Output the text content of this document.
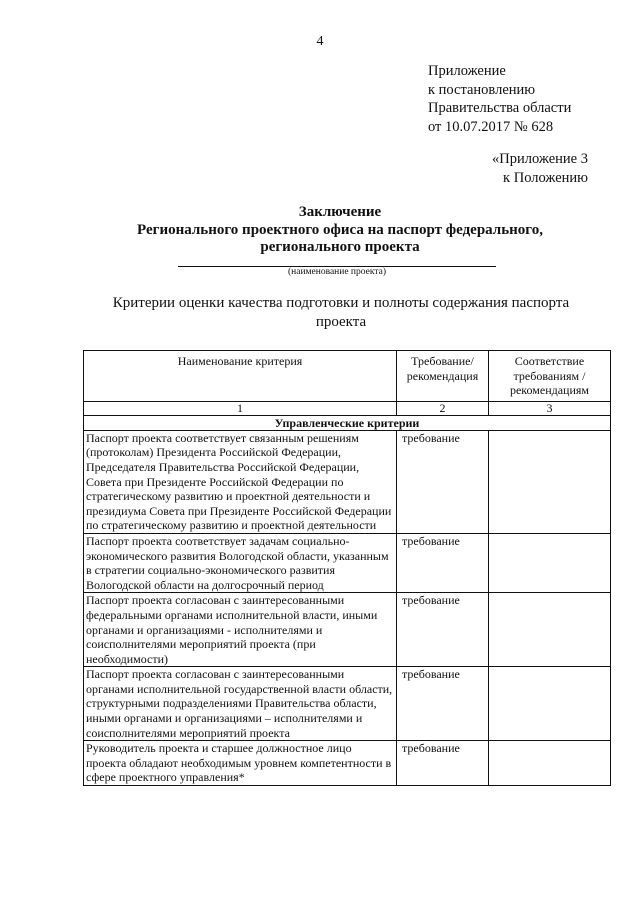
4
Приложение
к постановлению
Правительства области
от 10.07.2017 № 628
«Приложение 3
к Положению
Заключение
Регионального проектного офиса на паспорт федерального,
регионального проекта
(наименование проекта)
Критерии оценки качества подготовки и полноты содержания паспорта
проекта
Наименование критерия	Требование/ рекомендация	Соответствие требованиям / рекомендациям
1	2	3
Управленческие критерии		
Паспорт проекта соответствует связанным решениям (протоколам) Президента Российской Федерации, Председателя Правительства Российской Федерации, Совета при Президенте Российской Федерации по стратегическому развитию и проектной деятельности и президиума Совета при Президенте Российской Федерации по стратегическому развитию и проектной деятельности	требование	
Паспорт проекта соответствует задачам социально-экономического развития Вологодской области, указанным в стратегии социально-экономического развития Вологодской области на долгосрочный период	требование	
Паспорт проекта согласован с заинтересованными федеральными органами исполнительной власти, иными органами и организациями - исполнителями и соисполнителями мероприятий проекта (при необходимости)	требование	
Паспорт проекта согласован с заинтересованными органами исполнительной государственной власти области, структурными подразделениями Правительства области, иными органами и организациями – исполнителями и соисполнителями мероприятий проекта	требование	
Руководитель проекта и старшее должностное лицо проекта обладают необходимым уровнем компетентности в сфере проектного управления*	требование	
